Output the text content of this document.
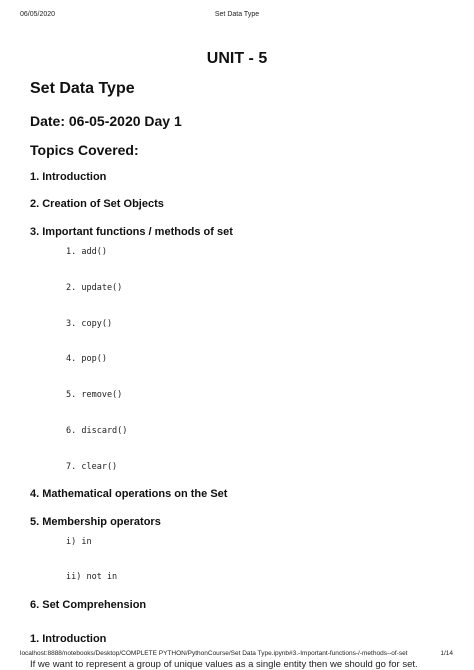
06/05/2020	Set Data Type
UNIT - 5
Set Data Type
Date: 06-05-2020 Day 1
Topics Covered:
1. Introduction
2. Creation of Set Objects
3. Important functions / methods of set
1. add()
2. update()
3. copy()
4. pop()
5. remove()
6. discard()
7. clear()
4. Mathematical operations on the Set
5. Membership operators
i) in
ii) not in
6. Set Comprehension
1. Introduction
localhost:8888/notebooks/Desktop/COMPLETE PYTHON/PythonCourse/Set Data Type.ipynb#3.-Important-functions-/-methods--of-set	1/14
If we want to represent a group of unique values as a single entity then we should go for set.
